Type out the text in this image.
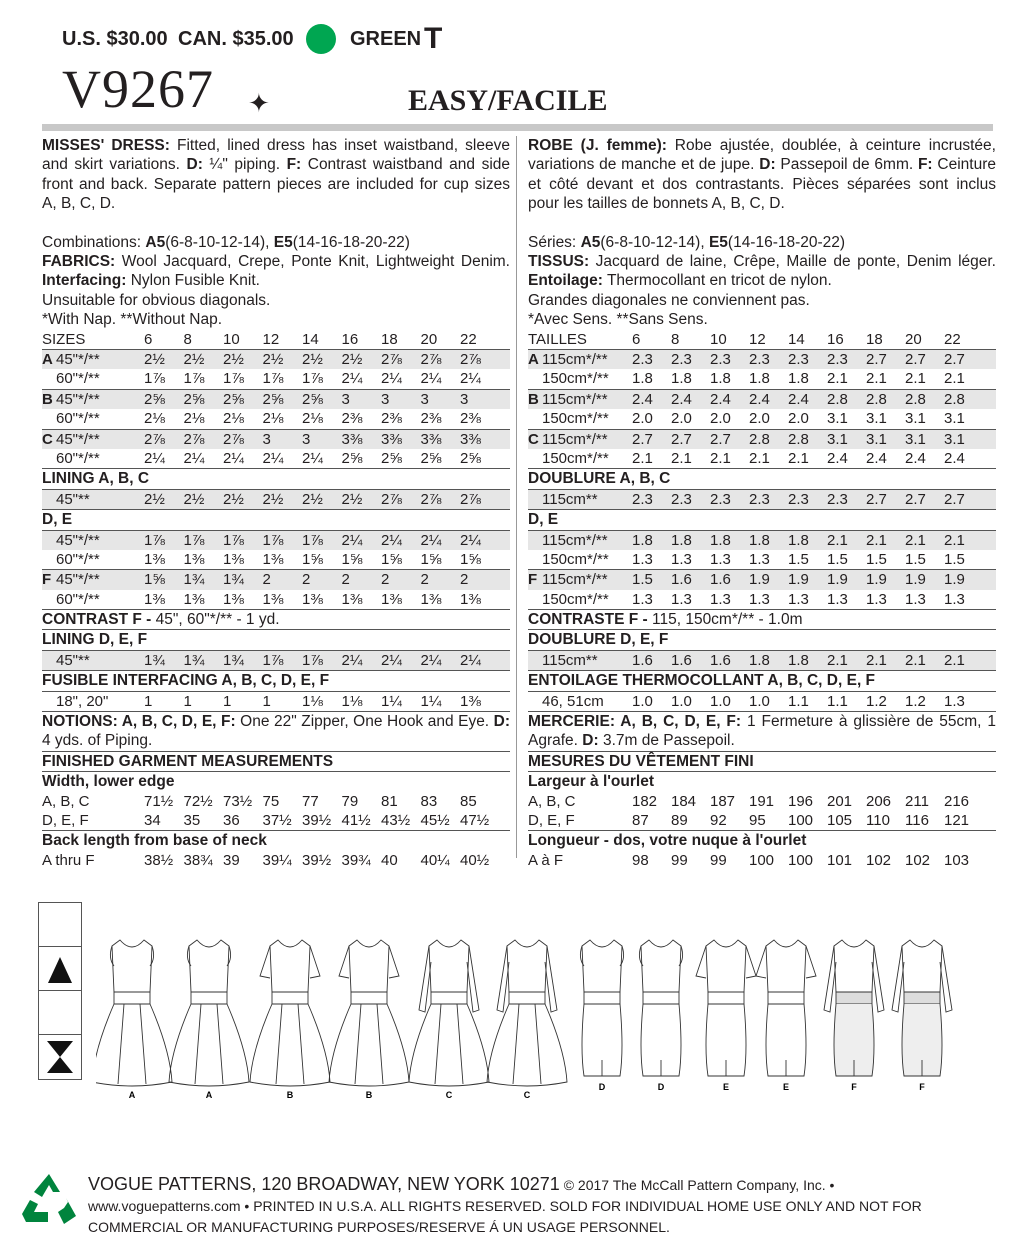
U.S. $30.00 CAN. $35.00	GREEN T
V9267 ✦	EASY/FACILE

MISSES' DRESS: Fitted, lined dress has inset waistband, sleeve and skirt variations. D: ¼" piping. F: Contrast waistband and side front and back. Separate pattern pieces are included for cup sizes A, B, C, D.

Combinations: A5(6-8-10-12-14), E5(14-16-18-20-22)

FABRICS: Wool Jacquard, Crepe, Ponte Knit, Lightweight Denim. Interfacing: Nylon Fusible Knit.

Unsuitable for obvious diagonals.
*With Nap. **Without Nap.
SIZES	6	8	10	12	14	16	18	20	22
A 45"*/**	2½	2½	2½	2½	2½	2½	2⅞	2⅞	2⅞
60"*/**	1⅞	1⅞	1⅞	1⅞	1⅞	2¼	2¼	2¼	2¼
B 45"*/**	2⅝	2⅝	2⅝	2⅝	2⅝	3	3	3	3
60"*/**	2⅛	2⅛	2⅛	2⅛	2⅛	2⅜	2⅜	2⅜	2⅜
C 45"*/**	2⅞	2⅞	2⅞	3	3	3⅜	3⅜	3⅜	3⅜
60"*/**	2¼	2¼	2¼	2¼	2¼	2⅝	2⅝	2⅝	2⅝
LINING A, B, C
45"**	2½	2½	2½	2½	2½	2½	2⅞	2⅞	2⅞
D, E
45"*/**	1⅞	1⅞	1⅞	1⅞	1⅞	2¼	2¼	2¼	2¼
60"*/**	1⅜	1⅜	1⅜	1⅜	1⅝	1⅝	1⅝	1⅝	1⅝
F 45"*/**	1⅝	1¾	1¾	2	2	2	2	2	2
60"*/**	1⅜	1⅜	1⅜	1⅜	1⅜	1⅜	1⅜	1⅜	1⅜
CONTRAST F - 45", 60"*/** - 1 yd.
LINING D, E, F
45"**	1¾	1¾	1¾	1⅞	1⅞	2¼	2¼	2¼	2¼
FUSIBLE INTERFACING A, B, C, D, E, F
18", 20"	1	1	1	1	1⅛	1⅛	1¼	1¼	1⅜

NOTIONS: A, B, C, D, E, F: One 22" Zipper, One Hook and Eye. D: 4 yds. of Piping.

FINISHED GARMENT MEASUREMENTS
Width, lower edge
A, B, C	71½ 72½ 73½ 75	77	79	81	83	85
D, E, F	34	35	36	37½ 39½ 41½ 43½ 45½ 47½
Back length from base of neck
A thru F	38½ 38¾ 39	39¼ 39½ 39¾ 40	40¼ 40½

ROBE (J. femme): Robe ajustée, doublée, à ceinture incrustée, variations de manche et de jupe. D: Passepoil de 6mm. F: Ceinture et côté devant et dos contrastants. Pièces séparées sont inclus pour les tailles de bonnets A, B, C, D.

Séries: A5(6-8-10-12-14), E5(14-16-18-20-22)

TISSUS: Jacquard de laine, Crêpe, Maille de ponte, Denim léger. Entoilage: Thermocollant en tricot de nylon.

Grandes diagonales ne conviennent pas.
*Avec Sens. **Sans Sens.
TAILLES	6	8	10	12	14	16	18	20	22
A 115cm*/**	2.3	2.3	2.3	2.3	2.3	2.3	2.7	2.7	2.7
150cm*/**	1.8	1.8	1.8	1.8	1.8	2.1	2.1	2.1	2.1
B 115cm*/**	2.4	2.4	2.4	2.4	2.4	2.8	2.8	2.8	2.8
150cm*/**	2.0	2.0	2.0	2.0	2.0	3.1	3.1	3.1	3.1
C 115cm*/**	2.7	2.7	2.7	2.8	2.8	3.1	3.1	3.1	3.1
150cm*/**	2.1	2.1	2.1	2.1	2.1	2.4	2.4	2.4	2.4
DOUBLURE A, B, C
115cm**	2.3	2.3	2.3	2.3	2.3	2.3	2.7	2.7	2.7
D, E
115cm*/**	1.8	1.8	1.8	1.8	1.8	2.1	2.1	2.1	2.1
150cm*/**	1.3	1.3	1.3	1.3	1.5	1.5	1.5	1.5	1.5
F 115cm*/**	1.5	1.6	1.6	1.9	1.9	1.9	1.9	1.9	1.9
150cm*/**	1.3	1.3	1.3	1.3	1.3	1.3	1.3	1.3	1.3
CONTRASTE F - 115, 150cm*/** - 1.0m
DOUBLURE D, E, F
115cm**	1.6	1.6	1.6	1.8	1.8	2.1	2.1	2.1	2.1
ENTOILAGE THERMOCOLLANT A, B, C, D, E, F
46, 51cm	1.0	1.0	1.0	1.0	1.1	1.1	1.2	1.2	1.3

MERCERIE: A, B, C, D, E, F: 1 Fermeture à glissière de 55cm, 1 Agrafe. D: 3.7m de Passepoil.

MESURES DU VÊTEMENT FINI
Largeur à l'ourlet
A, B, C	182 184 187 191 196 201 206 211	216
D, E, F	87	89	92	95	100 105 110	116	121
Longueur - dos, votre nuque à l'ourlet
A à F	98	99	99	100 100 101 102 102 103
A	A	B	B	C	C
D	D	E	E	F	F
VOGUE PATTERNS, 120 BROADWAY, NEW YORK 10271 © 2017 The McCall Pattern Company, Inc. •
www.voguepatterns.com • PRINTED IN U.S.A. ALL RIGHTS RESERVED. SOLD FOR INDIVIDUAL HOME USE ONLY AND NOT FOR
COMMERCIAL OR MANUFACTURING PURPOSES/RESERVE Á UN USAGE PERSONNEL.
